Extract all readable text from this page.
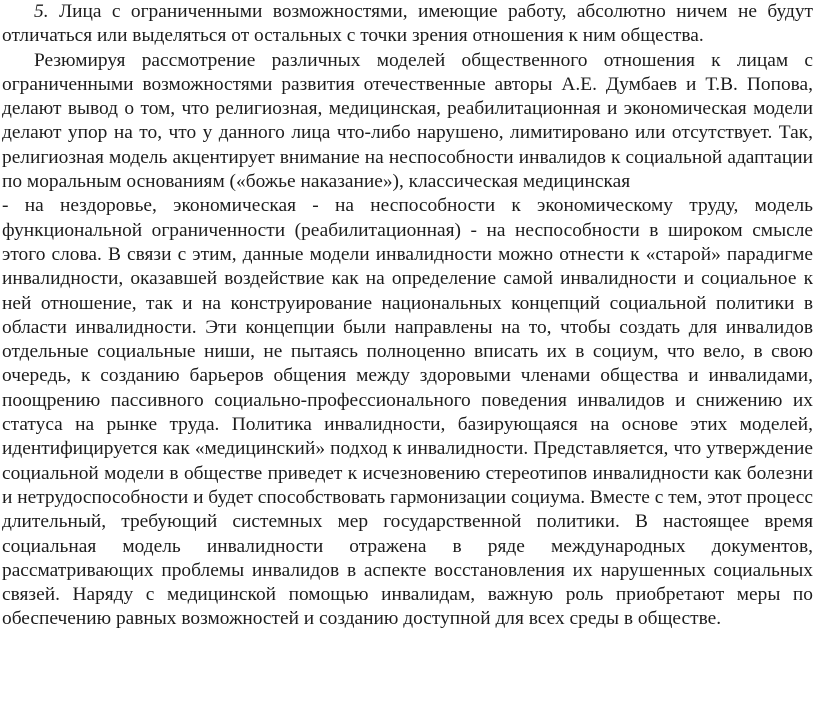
5. Лица с ограниченными возможностями, имеющие работу, абсолютно ничем не будут отличаться или выделяться от остальных с точки зрения отношения к ним общества.

Резюмируя рассмотрение различных моделей общественного отношения к лицам с ограниченными возможностями развития отечественные авторы А.Е. Думбаев и Т.В. Попова, делают вывод о том, что религиозная, медицинская, реабилитационная и экономическая модели делают упор на то, что у данного лица что-либо нарушено, лимитировано или отсутствует. Так, религиозная модель акцентирует внимание на неспособности инвалидов к социальной адаптации по моральным основаниям («божье наказание»), классическая медицинская

- на нездоровье, экономическая - на неспособности к экономическому труду, модель функциональной ограниченности (реабилитационная) - на неспособности в широком смысле этого слова. В связи с этим, данные модели инвалидности можно отнести к «старой» парадигме инвалидности, оказавшей воздействие как на определение самой инвалидности и социальное к ней отношение, так и на конструирование национальных концепций социальной политики в области инвалидности. Эти концепции были направлены на то, чтобы создать для инвалидов отдельные социальные ниши, не пытаясь полноценно вписать их в социум, что вело, в свою очередь, к созданию барьеров общения между здоровыми членами общества и инвалидами, поощрению пассивного социально-профессионального поведения инвалидов и снижению их статуса на рынке труда. Политика инвалидности, базирующаяся на основе этих моделей, идентифицируется как «медицинский» подход к инвалидности. Представляется, что утверждение социальной модели в обществе приведет к исчезновению стереотипов инвалидности как болезни и нетрудоспособности и будет способствовать гармонизации социума. Вместе с тем, этот процесс длительный, требующий системных мер государственной политики. В настоящее время социальная модель инвалидности отражена в ряде международных документов, рассматривающих проблемы инвалидов в аспекте восстановления их нарушенных социальных связей. Наряду с медицинской помощью инвалидам, важную роль приобретают меры по обеспечению равных возможностей и созданию доступной для всех среды в обществе.
